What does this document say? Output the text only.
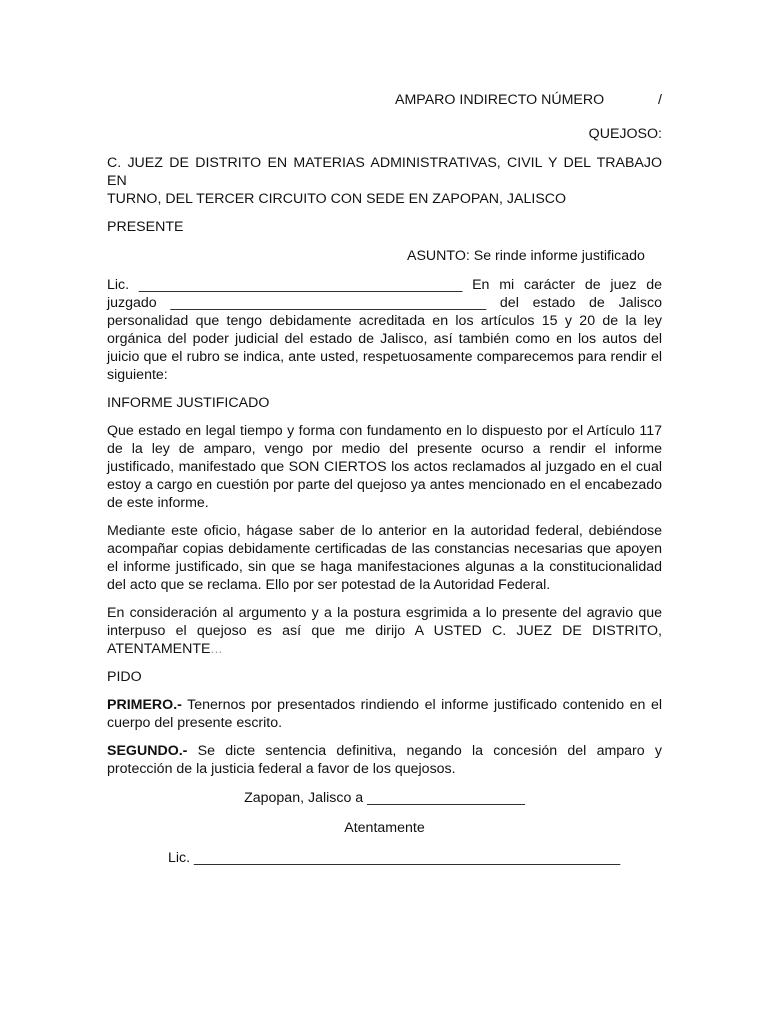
AMPARO INDIRECTO NÚMERO	/
QUEJOSO:
C. JUEZ DE DISTRITO EN MATERIAS ADMINISTRATIVAS, CIVIL Y DEL TRABAJO EN
TURNO, DEL TERCER CIRCUITO CON SEDE EN ZAPOPAN, JALISCO
PRESENTE
ASUNTO: Se rinde informe justificado

Lic. _________________________________________ En mi carácter de juez de juzgado ________________________________________ del estado de Jalisco personalidad que tengo debidamente acreditada en los artículos 15 y 20 de la ley orgánica del poder judicial del estado de Jalisco, así también como en los autos del juicio que el rubro se indica, ante usted, respetuosamente comparecemos para rendir el siguiente:

INFORME JUSTIFICADO

Que estado en legal tiempo y forma con fundamento en lo dispuesto por el Artículo 117 de la ley de amparo, vengo por medio del presente ocurso a rendir el informe justificado, manifestado que SON CIERTOS los actos reclamados al juzgado en el cual estoy a cargo en cuestión por parte del quejoso ya antes mencionado en el encabezado de este informe.

Mediante este oficio, hágase saber de lo anterior en la autoridad federal, debiéndose acompañar copias debidamente certificadas de las constancias necesarias que apoyen el informe justificado, sin que se haga manifestaciones algunas a la constitucionalidad del acto que se reclama. Ello por ser potestad de la Autoridad Federal.

En consideración al argumento y a la postura esgrimida a lo presente del agravio que interpuso el quejoso es así que me dirijo A USTED C. JUEZ DE DISTRITO, ATENTAMENTE...

PIDO

PRIMERO.- Tenernos por presentados rindiendo el informe justificado contenido en el cuerpo del presente escrito.

SEGUNDO.- Se dicte sentencia definitiva, negando la concesión del amparo y protección de la justicia federal a favor de los quejosos.

Zapopan, Jalisco a ____________________
Atentamente
Lic. ______________________________________________________
